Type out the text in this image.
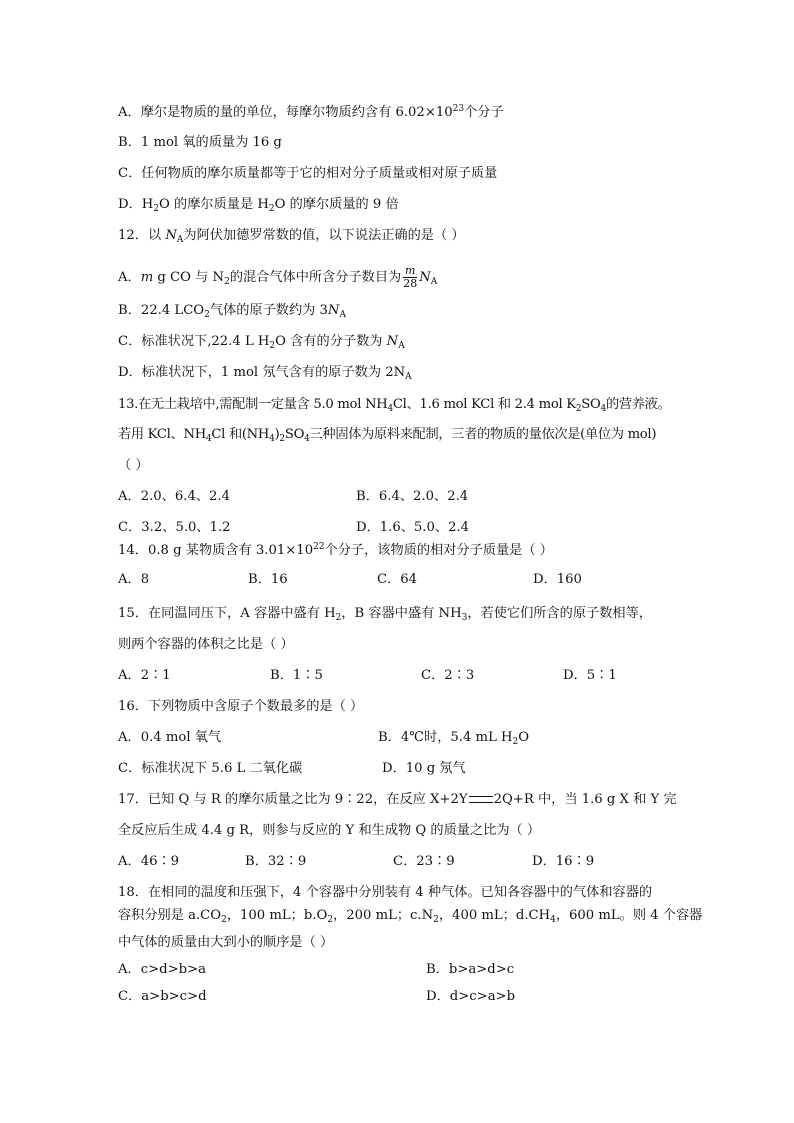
A．摩尔是物质的量的单位，每摩尔物质约含有 $6.02\times 10^{23}$个分子
B．1 mol 氧的质量为 16 g
C．任何物质的摩尔质量都等于它的相对分子质量或相对原子质量
D．$H_2O$ 的摩尔质量是 $H_2O$ 的摩尔质量的 9 倍
12．以 $N_A$为阿伏加德罗常数的值，以下说法正确的是（ ）
A．m g CO 与 $N_2$的混合气体中所含分子数目为 $\frac{m}{28} N_A$
B．22.4 $LCO_2$气体的原子数约为 $3N_A$
C．标准状况下,22.4 L $H_2O$ 含有的分子数为 $N_A$
D．标准状况下，1 mol 氖气含有的原子数为 $2N_A$
13.在无土栽培中,需配制一定量含 5.0 mol $NH_4Cl$、1.6 mol KCl 和 2.4 mol $K_2SO_4$的营养液。
若用 KCl、$NH_4Cl$ 和$(NH_4)_2SO_4$三种固体为原料来配制，三者的物质的量依次是(单位为 mol)
（ ）
A．2.0、6.4、2.4	B．6.4、2.0、2.4
C．3.2、5.0、1.2	D．1.6、5.0、2.4
14．0.8 g 某物质含有 $3.01\times 10^{22}$个分子，该物质的相对分子质量是（ ）
A．8	B．16	C．64	D．160
15．在同温同压下，A 容器中盛有 $H_2$，B 容器中盛有 $NH_3$，若使它们所含的原子数相等，
则两个容器的体积之比是（ ）
A．2∶1	B．1∶5	C．2∶3	D．5∶1
16．下列物质中含原子个数最多的是（ ）
A．0.4 mol 氧气	B．4℃时，5.4 mL $H_2O$
C．标准状况下 5.6 L 二氧化碳	D．10 g 氖气
17．已知 Q 与 R 的摩尔质量之比为 9∶22，在反应 X+2Y 2Q+R 中，当 1.6 g X 和 Y 完
全反应后生成 4.4 g R，则参与反应的 Y 和生成物 Q 的质量之比为（ ）
A．46∶9	B．32∶9	C．23∶9	D．16∶9
18．在相同的温度和压强下，4 个容器中分别装有 4 种气体。已知各容器中的气体和容器的
容积分别是 $a.CO_2$，100 mL；$b.O_2$，200 mL；$c.N_2$，400 mL；$d.CH_4$，600 mL。则 4 个容器
中气体的质量由大到小的顺序是（ ）
A．c>d>b>a	B．b>a>d>c
C．a>b>c>d	D．d>c>a>b
